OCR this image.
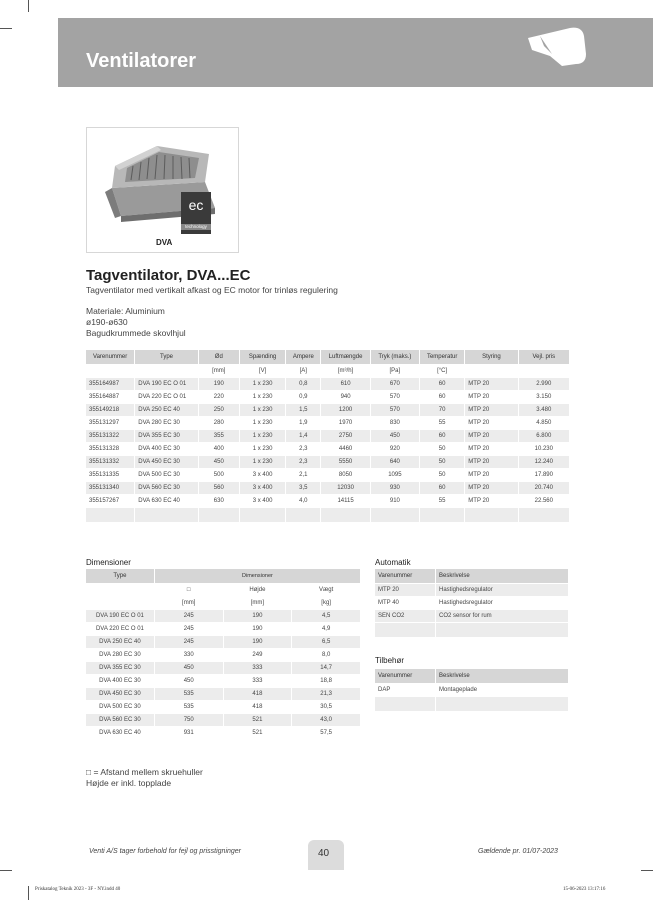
Ventilatorer
ec
technology
DVA
Tagventilator, DVA...EC
Tagventilator med vertikalt afkast og EC motor for trinløs regulering
Materiale: Aluminium
ø190-ø630
Bagudkrummede skovlhjul
Varenummer	Type	Ød	Spænding	Ampere	Luftmængde	Tryk (maks.)	Temperatur	Styring	Vejl. pris
		[mm]	[V]	[A]	[m³/h]	[Pa]	[°C]		
355164987	DVA 190 EC O 01	190	1 x 230	0,8	610	670	60	MTP 20	2.990
355164887	DVA 220 EC O 01	220	1 x 230	0,9	940	570	60	MTP 20	3.150
355149218	DVA 250 EC 40	250	1 x 230	1,5	1200	570	70	MTP 20	3.480
355131297	DVA 280 EC 30	280	1 x 230	1,9	1970	830	55	MTP 20	4.850
355131322	DVA 355 EC 30	355	1 x 230	1,4	2750	450	60	MTP 20	6.800
355131328	DVA 400 EC 30	400	1 x 230	2,3	4460	920	50	MTP 20	10.230
355131332	DVA 450 EC 30	450	1 x 230	2,3	5550	640	50	MTP 20	12.240
355131335	DVA 500 EC 30	500	3 x 400	2,1	8050	1095	50	MTP 20	17.890
355131340	DVA 560 EC 30	560	3 x 400	3,5	12030	930	60	MTP 20	20.740
355157267	DVA 630 EC 40	630	3 x 400	4,0	14115	910	55	MTP 20	22.560

Dimensioner
Type	Dimensioner		
	□	Højde	Vægt
	[mm]	[mm]	[kg]
DVA 190 EC O 01	245	190	4,5
DVA 220 EC O 01	245	190	4,9
DVA 250 EC 40	245	190	6,5
DVA 280 EC 30	330	249	8,0
DVA 355 EC 30	450	333	14,7
DVA 400 EC 30	450	333	18,8
DVA 450 EC 30	535	418	21,3
DVA 500 EC 30	535	418	30,5
DVA 560 EC 30	750	521	43,0
DVA 630 EC 40	931	521	57,5
□ = Afstand mellem skruehuller
Højde er inkl. topplade
Automatik
Varenummer	Beskrivelse
MTP 20	Hastighedsregulator
MTP 40	Hastighedsregulator
SEN CO2	CO2 sensor for rum

Tilbehør
Varenummer	Beskrivelse
DAP	Montageplade

Venti A/S tager forbehold for fejl og prisstigninger	40	Gældende pr. 01/07-2023
Priskatalog Teknik 2023 - 3F - NY.indd 40	15-06-2023 13:17:16
